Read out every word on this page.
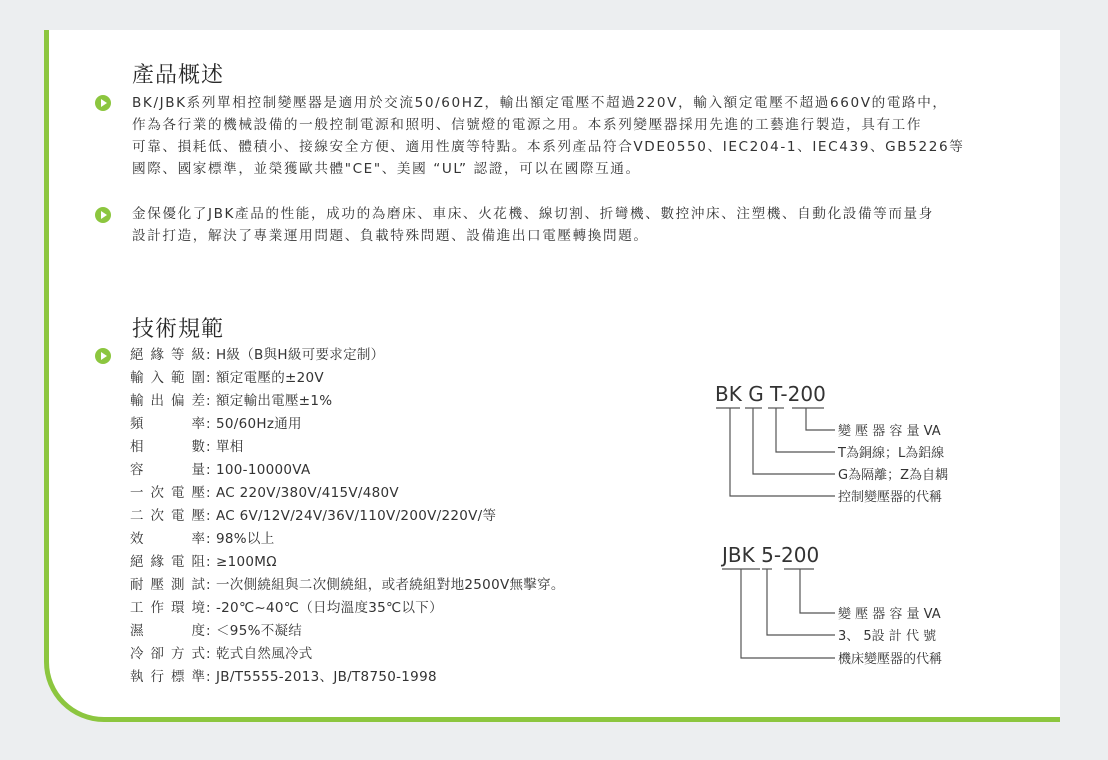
產品概述

BK/JBK系列單相控制變壓器是適用於交流50/60HZ，輸出額定電壓不超過220V，輸入額定電壓不超過660V的電路中，
作為各行業的機械設備的一般控制電源和照明、信號燈的電源之用。本系列變壓器採用先進的工藝進行製造，具有工作
可靠、損耗低、體積小、接線安全方便、適用性廣等特點。本系列產品符合VDE0550、IEC204-1、IEC439、GB5226等
國際、國家標準，並榮獲歐共體"CE"、美國 “UL” 認證，可以在國際互通。

金保優化了JBK產品的性能，成功的為磨床、車床、火花機、線切割、折彎機、數控沖床、注塑機、自動化設備等而量身
設計打造，解決了專業運用問題、負載特殊問題、設備進出口電壓轉換問題。

技術規範
絕緣等級: H級（B與H級可要求定制）
輸入範圍: 額定電壓的±20V
輸出偏差: 額定輸出電壓±1%
頻率: 50/60Hz通用
相數: 單相
容量: 100-10000VA
一次電壓: AC 220V/380V/415V/480V
二次電壓: AC 6V/12V/24V/36V/110V/200V/220V/等
效率: 98%以上
絕緣電阻: ≥100MΩ
耐壓測試: 一次側繞組與二次側繞組，或者繞組對地2500V無擊穿。
工作環境: -20℃~40℃（日均溫度35℃以下）
濕度: ＜95%不凝结
冷卻方式: 乾式自然風冷式
執行標準: JB/T5555-2013、JB/T8750-1998
BK G T-200
變 壓 器 容 量 VA
T為銅線；L為鋁線
G為隔離；Z為自耦
控制變壓器的代稱
JBK 5-200
變 壓 器 容 量 VA
3、 5設 計 代 號
機床變壓器的代稱
